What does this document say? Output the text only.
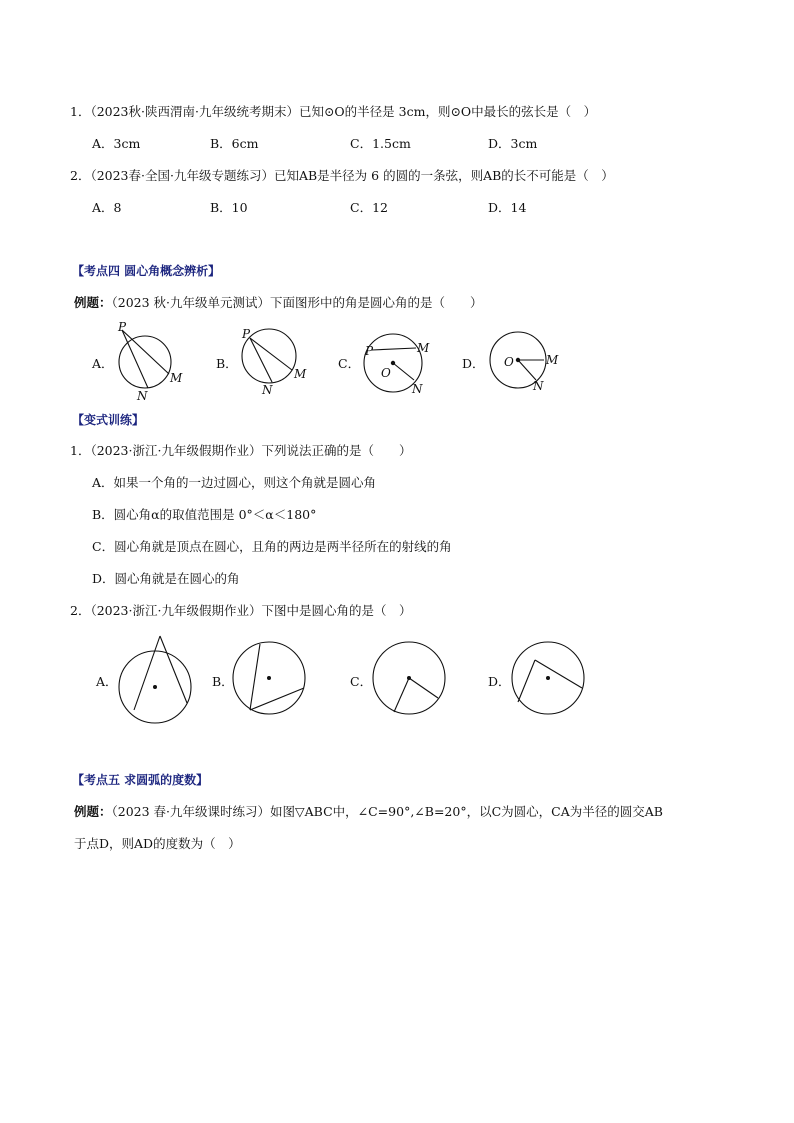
1．（2023秋·陕西渭南·九年级统考期末）已知⊙O的半径是 3cm，则⊙O中最长的弦长是（　）
A．3cm	B．6cm	C．1.5cm	D．3cm
2．（2023春·全国·九年级专题练习）已知AB是半径为 6 的圆的一条弦，则AB的长不可能是（　）
A．8	B．10	C．12	D．14
【考点四 圆心角概念辨析】
例题：（2023 秋·九年级单元测试）下面图形中的角是圆心角的是（　　）
A．
P
M
N
B．
P
M
N
C．
P	M
O
N
D． O	M
N
【变式训练】
1．（2023·浙江·九年级假期作业）下列说法正确的是（　　）
A．如果一个角的一边过圆心，则这个角就是圆心角
B．圆心角α的取值范围是 0°＜α＜180°
C．圆心角就是顶点在圆心，且角的两边是两半径所在的射线的角
D．圆心角就是在圆心的角
2．（2023·浙江·九年级假期作业）下图中是圆心角的是（　）
A．	B．	C．	D．
【考点五 求圆弧的度数】
例题：（2023 春·九年级课时练习）如图▽ABC中，∠C=90°,∠B=20°，以C为圆心，CA为半径的圆交AB
于点D，则AD的度数为（　）
